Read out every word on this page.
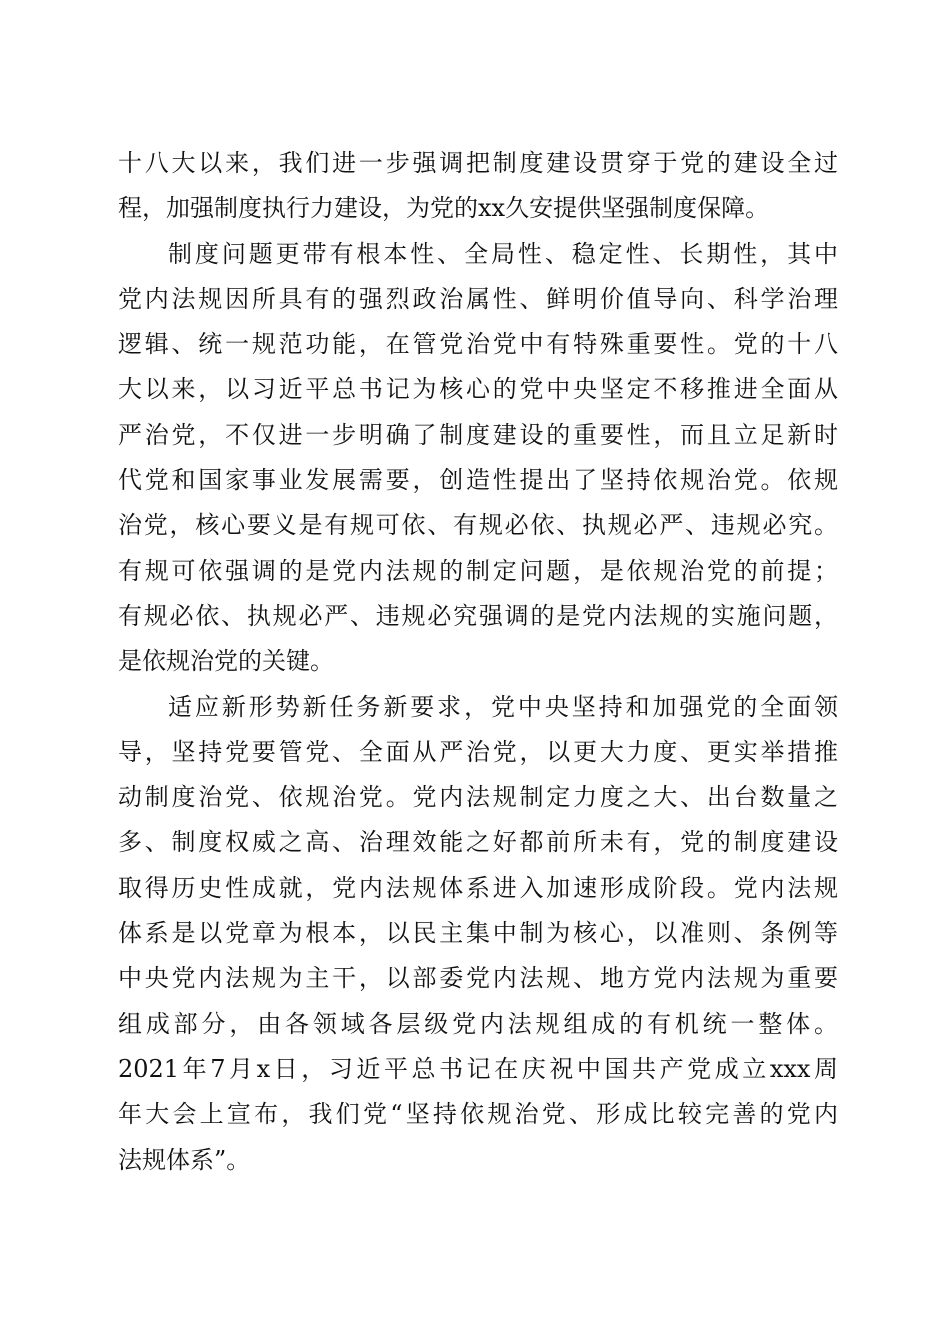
十八大以来，我们进一步强调把制度建设贯穿于党的建设全过
程，加强制度执行力建设，为党的xx久安提供坚强制度保障。
制度问题更带有根本性、全局性、稳定性、长期性，其中
党内法规因所具有的强烈政治属性、鲜明价值导向、科学治理
逻辑、统一规范功能，在管党治党中有特殊重要性。党的十八
大以来，以习近平总书记为核心的党中央坚定不移推进全面从
严治党，不仅进一步明确了制度建设的重要性，而且立足新时
代党和国家事业发展需要，创造性提出了坚持依规治党。依规
治党，核心要义是有规可依、有规必依、执规必严、违规必究。
有规可依强调的是党内法规的制定问题，是依规治党的前提；
有规必依、执规必严、违规必究强调的是党内法规的实施问题，
是依规治党的关键。
适应新形势新任务新要求，党中央坚持和加强党的全面领
导，坚持党要管党、全面从严治党，以更大力度、更实举措推
动制度治党、依规治党。党内法规制定力度之大、出台数量之
多、制度权威之高、治理效能之好都前所未有，党的制度建设
取得历史性成就，党内法规体系进入加速形成阶段。党内法规
体系是以党章为根本，以民主集中制为核心，以准则、条例等
中央党内法规为主干，以部委党内法规、地方党内法规为重要
组成部分，由各领域各层级党内法规组成的有机统一整体。
2021年7月x日，习近平总书记在庆祝中国共产党成立xxx周
年大会上宣布，我们党“坚持依规治党、形成比较完善的党内
法规体系”。
